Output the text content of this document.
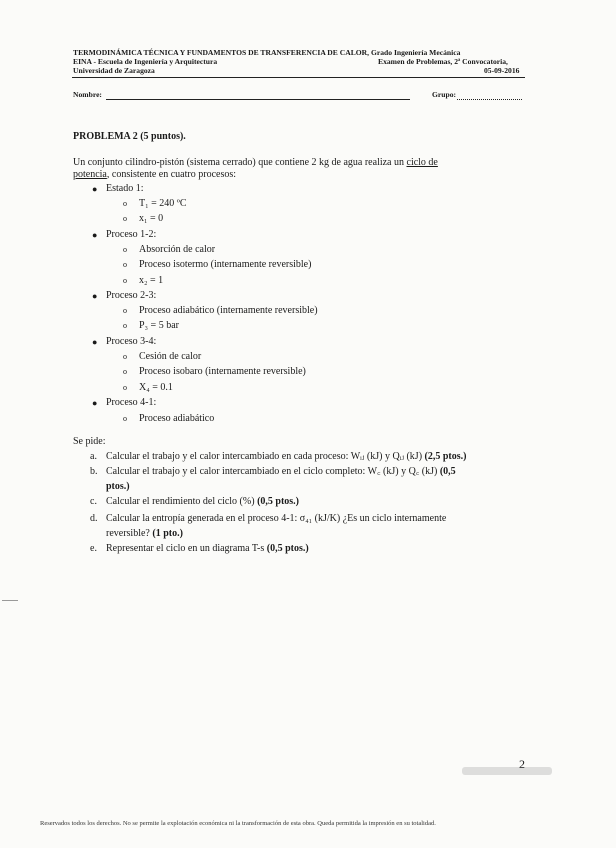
TERMODINÁMICA TÉCNICA Y FUNDAMENTOS DE TRANSFERENCIA DE CALOR, Grado Ingeniería Mecánica
EINA - Escuela de Ingeniería y Arquitectura	Examen de Problemas, 2ª Convocatoria,
Universidad de Zaragoza	05-09-2016
Nombre:	Grupo:
PROBLEMA 2 (5 puntos).
Un conjunto cilindro-pistón (sistema cerrado) que contiene 2 kg de agua realiza un ciclo de
potencia, consistente en cuatro procesos:
● Estado 1:
o T₁ = 240 ºC
o x₁ = 0
● Proceso 1-2:
o Absorción de calor
o Proceso isotermo (internamente reversible)
o x₂ = 1
● Proceso 2-3:
o Proceso adiabático (internamente reversible)
o P₃ = 5 bar
● Proceso 3-4:
o Cesión de calor
o Proceso isobaro (internamente reversible)
o X₄ = 0.1
● Proceso 4-1:
o Proceso adiabático
Se pide:
a. Calcular el trabajo y el calor intercambiado en cada proceso: Wᵢⱼ (kJ) y Qᵢⱼ (kJ) (2,5 ptos.)
b. Calcular el trabajo y el calor intercambiado en el ciclo completo: W꜀ (kJ) y Q꜀ (kJ) (0,5
ptos.)
c. Calcular el rendimiento del ciclo (%) (0,5 ptos.)
d. Calcular la entropía generada en el proceso 4-1: σ₄₁ (kJ/K) ¿Es un ciclo internamente
reversible? (1 pto.)
e. Representar el ciclo en un diagrama T-s (0,5 ptos.)
2
Reservados todos los derechos. No se permite la explotación económica ni la transformación de esta obra. Queda permitida la impresión en su totalidad.
